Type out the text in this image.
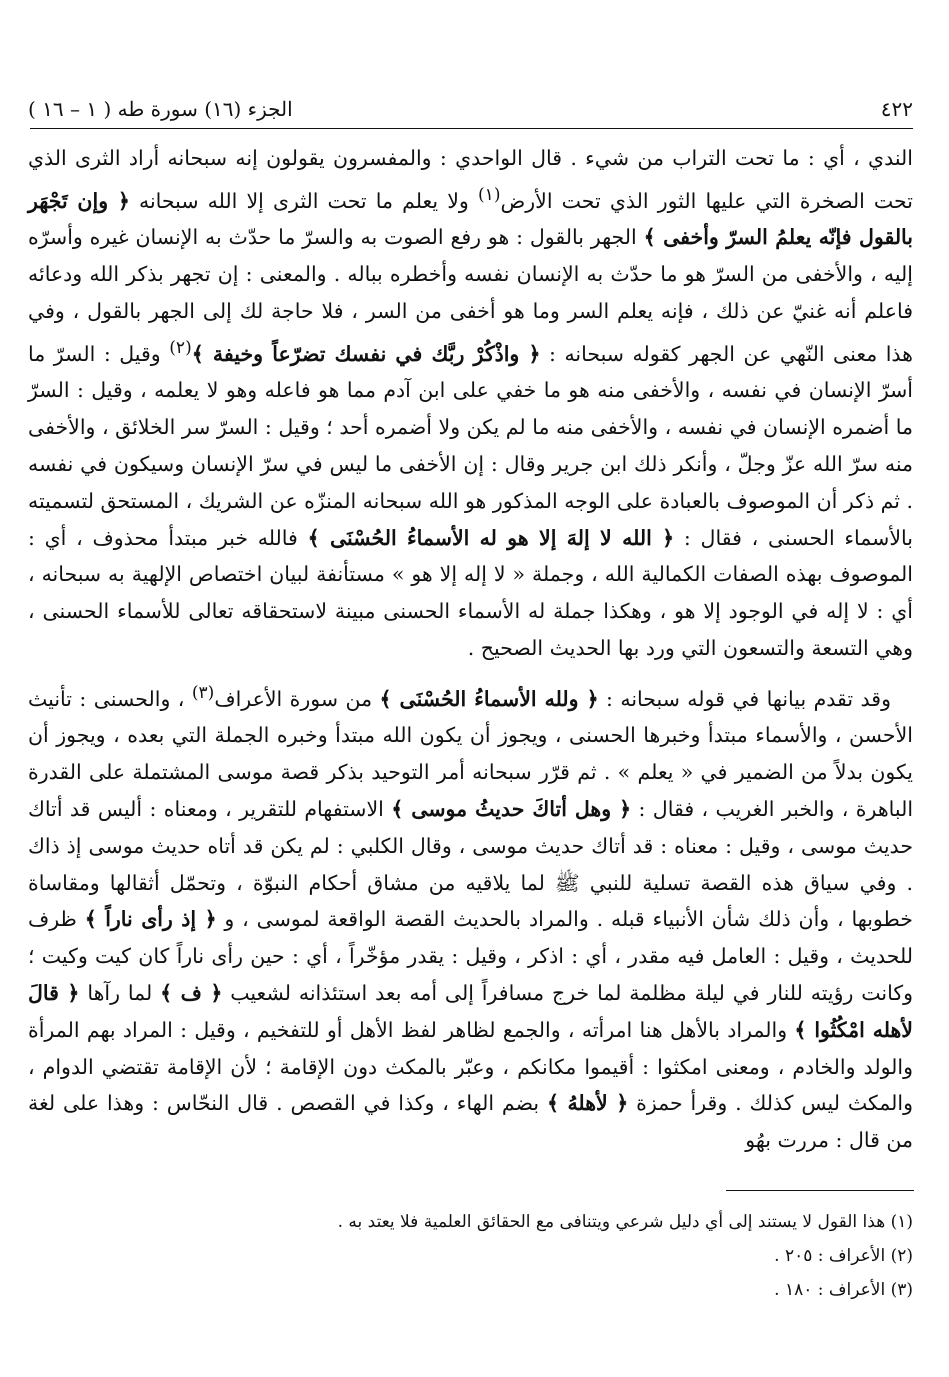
٤٢٢
الجزء (١٦) سورة طه ( ١ – ١٦ )

الندي ، أي : ما تحت التراب من شيء . قال الواحدي : والمفسرون يقولون إنه سبحانه أراد الثرى الذي تحت الصخرة التي عليها الثور الذي تحت الأرض$^{(١)}$ ولا يعلم ما تحت الثرى إلا الله سبحانه ﴿ وإن تَجْهَر بالقول فإنّه يعلمُ السرّ وأخفى ﴾ الجهر بالقول : هو رفع الصوت به والسرّ ما حدّث به الإنسان غيره وأسرّه إليه ، والأخفى من السرّ هو ما حدّث به الإنسان نفسه وأخطره بباله . والمعنى : إن تجهر بذكر الله ودعائه فاعلم أنه غنيّ عن ذلك ، فإنه يعلم السر وما هو أخفى من السر ، فلا حاجة لك إلى الجهر بالقول ، وفي هذا معنى النّهي عن الجهر كقوله سبحانه : ﴿ واذْكُرْ ربَّك في نفسك تضرّعاً وخيفة ﴾$^{(٢)}$ وقيل : السرّ ما أسرّ الإنسان في نفسه ، والأخفى منه هو ما خفي على ابن آدم مما هو فاعله وهو لا يعلمه ، وقيل : السرّ ما أضمره الإنسان في نفسه ، والأخفى منه ما لم يكن ولا أضمره أحد ؛ وقيل : السرّ سر الخلائق ، والأخفى منه سرّ الله عزّ وجلّ ، وأنكر ذلك ابن جرير وقال : إن الأخفى ما ليس في سرّ الإنسان وسيكون في نفسه . ثم ذكر أن الموصوف بالعبادة على الوجه المذكور هو الله سبحانه المنزّه عن الشريك ، المستحق لتسميته بالأسماء الحسنى ، فقال : ﴿ الله لا إلهَ إلا هو له الأسماءُ الحُسْنَى ﴾ فالله خبر مبتدأ محذوف ، أي : الموصوف بهذه الصفات الكمالية الله ، وجملة « لا إله إلا هو » مستأنفة لبيان اختصاص الإلهية به سبحانه ، أي : لا إله في الوجود إلا هو ، وهكذا جملة له الأسماء الحسنى مبينة لاستحقاقه تعالى للأسماء الحسنى ، وهي التسعة والتسعون التي ورد بها الحديث الصحيح .

وقد تقدم بيانها في قوله سبحانه : ﴿ ولله الأسماءُ الحُسْنَى ﴾ من سورة الأعراف$^{(٣)}$ ، والحسنى : تأنيث الأحسن ، والأسماء مبتدأ وخبرها الحسنى ، ويجوز أن يكون الله مبتدأ وخبره الجملة التي بعده ، ويجوز أن يكون بدلاً من الضمير في « يعلم » . ثم قرّر سبحانه أمر التوحيد بذكر قصة موسى المشتملة على القدرة الباهرة ، والخبر الغريب ، فقال : ﴿ وهل أتاكَ حديثُ موسى ﴾ الاستفهام للتقرير ، ومعناه : أليس قد أتاك حديث موسى ، وقيل : معناه : قد أتاك حديث موسى ، وقال الكلبي : لم يكن قد أتاه حديث موسى إذ ذاك . وفي سياق هذه القصة تسلية للنبي ﷺ لما يلاقيه من مشاق أحكام النبوّة ، وتحمّل أثقالها ومقاساة خطوبها ، وأن ذلك شأن الأنبياء قبله . والمراد بالحديث القصة الواقعة لموسى ، و ﴿ إذ رأى ناراً ﴾ ظرف للحديث ، وقيل : العامل فيه مقدر ، أي : اذكر ، وقيل : يقدر مؤخّراً ، أي : حين رأى ناراً كان كيت وكيت ؛ وكانت رؤيته للنار في ليلة مظلمة لما خرج مسافراً إلى أمه بعد استئذانه لشعيب ﴿ ف ﴾ لما رآها ﴿ قالَ لأهله امْكُثُوا ﴾ والمراد بالأهل هنا امرأته ، والجمع لظاهر لفظ الأهل أو للتفخيم ، وقيل : المراد بهم المرأة والولد والخادم ، ومعنى امكثوا : أقيموا مكانكم ، وعبّر بالمكث دون الإقامة ؛ لأن الإقامة تقتضي الدوام ، والمكث ليس كذلك . وقرأ حمزة ﴿ لأهلهُ ﴾ بضم الهاء ، وكذا في القصص . قال النحّاس : وهذا على لغة من قال : مررت بهُو

(١) هذا القول لا يستند إلى أي دليل شرعي ويتنافى مع الحقائق العلمية فلا يعتد به .
(٢) الأعراف : ٢٠٥ .
(٣) الأعراف : ١٨٠ .
